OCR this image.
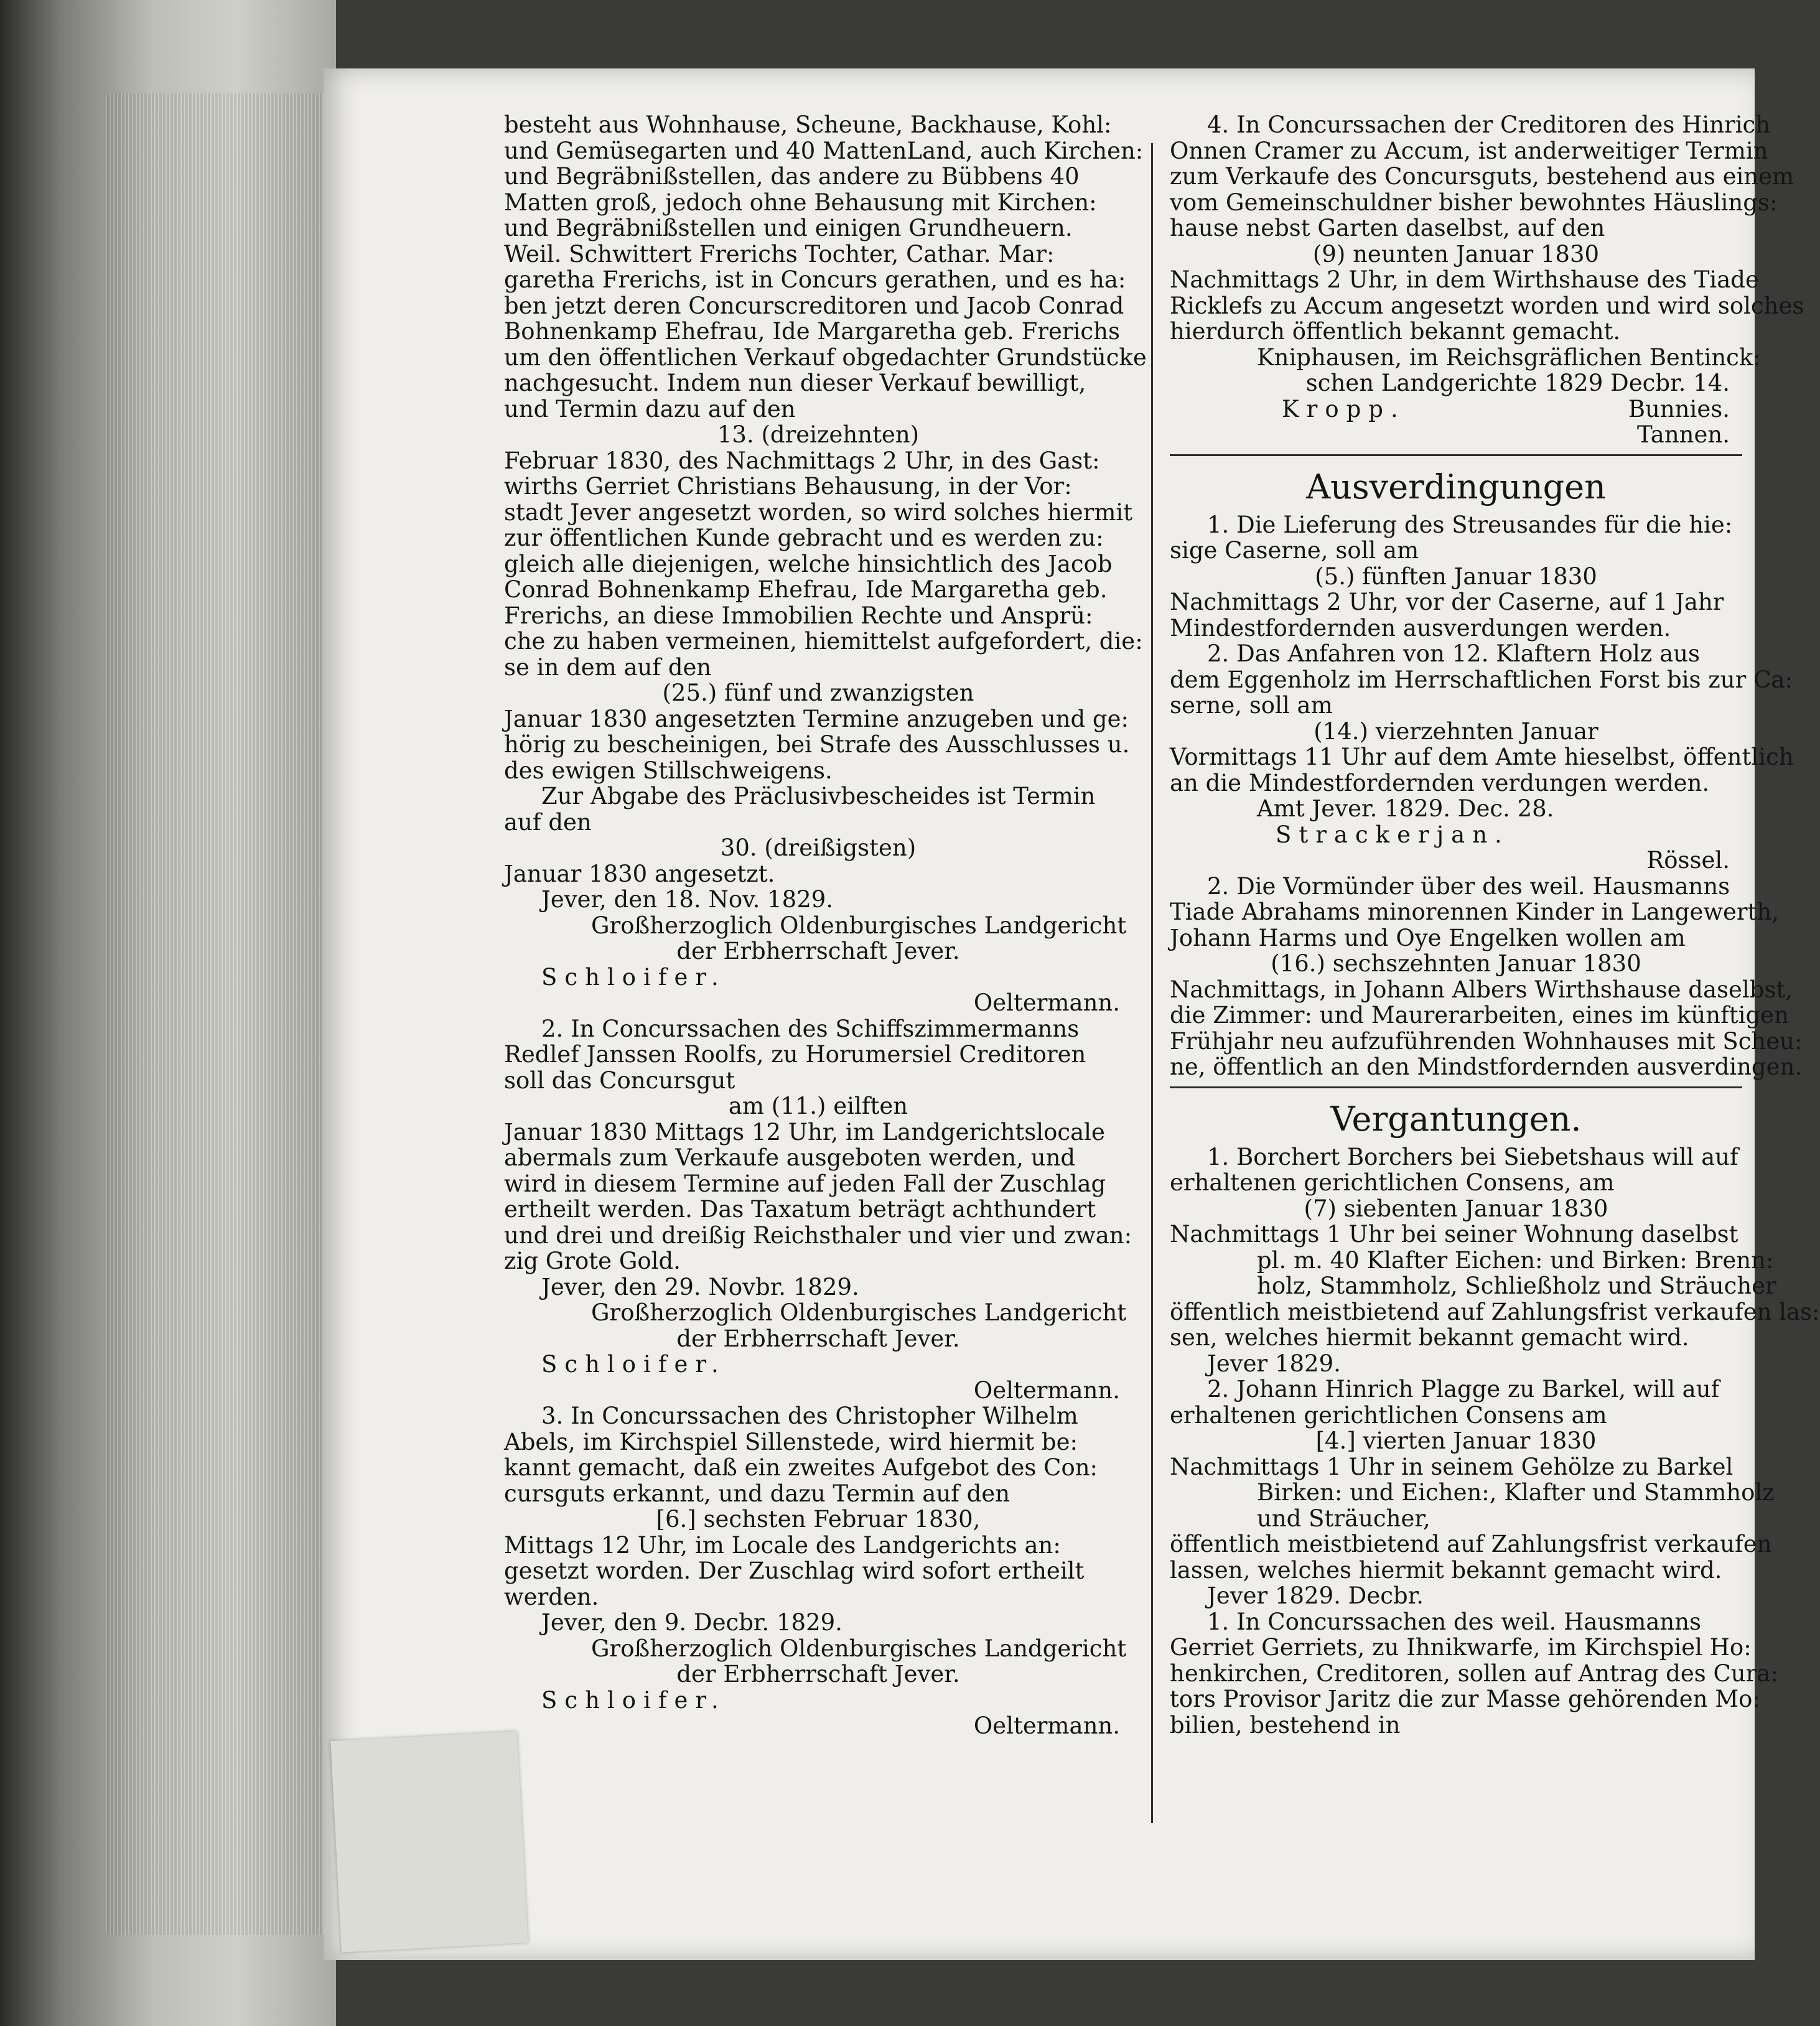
besteht aus Wohnhause, Scheune, Backhause, Kohl:
und Gemüsegarten und 40 MattenLand, auch Kirchen:
und Begräbnißstellen, das andere zu Bübbens 40
Matten groß, jedoch ohne Behausung mit Kirchen:
und Begräbnißstellen und einigen Grundheuern.
Weil. Schwittert Frerichs Tochter, Cathar. Mar:
garetha Frerichs, ist in Concurs gerathen, und es ha:
ben jetzt deren Concurscreditoren und Jacob Conrad
Bohnenkamp Ehefrau, Ide Margaretha geb. Frerichs
um den öffentlichen Verkauf obgedachter Grundstücke
nachgesucht. Indem nun dieser Verkauf bewilligt,
und Termin dazu auf den
13. (dreizehnten)
Februar 1830, des Nachmittags 2 Uhr, in des Gast:
wirths Gerriet Christians Behausung, in der Vor:
stadt Jever angesetzt worden, so wird solches hiermit
zur öffentlichen Kunde gebracht und es werden zu:
gleich alle diejenigen, welche hinsichtlich des Jacob
Conrad Bohnenkamp Ehefrau, Ide Margaretha geb.
Frerichs, an diese Immobilien Rechte und Ansprü:
che zu haben vermeinen, hiemittelst aufgefordert, die:
se in dem auf den
(25.) fünf und zwanzigsten
Januar 1830 angesetzten Termine anzugeben und ge:
hörig zu bescheinigen, bei Strafe des Ausschlusses u.
des ewigen Stillschweigens.
Zur Abgabe des Präclusivbescheides ist Termin
auf den
30. (dreißigsten)
Januar 1830 angesetzt.
Jever, den 18. Nov. 1829.
Großherzoglich Oldenburgisches Landgericht
der Erbherrschaft Jever.
Schloifer.
Oeltermann.
2. In Concurssachen des Schiffszimmermanns
Redlef Janssen Roolfs, zu Horumersiel Creditoren
soll das Concursgut
am (11.) eilften
Januar 1830 Mittags 12 Uhr, im Landgerichtslocale
abermals zum Verkaufe ausgeboten werden, und
wird in diesem Termine auf jeden Fall der Zuschlag
ertheilt werden. Das Taxatum beträgt achthundert
und drei und dreißig Reichsthaler und vier und zwan:
zig Grote Gold.
Jever, den 29. Novbr. 1829.
Großherzoglich Oldenburgisches Landgericht
der Erbherrschaft Jever.
Schloifer.
Oeltermann.
3. In Concurssachen des Christopher Wilhelm
Abels, im Kirchspiel Sillenstede, wird hiermit be:
kannt gemacht, daß ein zweites Aufgebot des Con:
cursguts erkannt, und dazu Termin auf den
[6.] sechsten Februar 1830,
Mittags 12 Uhr, im Locale des Landgerichts an:
gesetzt worden. Der Zuschlag wird sofort ertheilt
werden.
Jever, den 9. Decbr. 1829.
Großherzoglich Oldenburgisches Landgericht
der Erbherrschaft Jever.
Schloifer.
Oeltermann.
4. In Concurssachen der Creditoren des Hinrich
Onnen Cramer zu Accum, ist anderweitiger Termin
zum Verkaufe des Concursguts, bestehend aus einem
vom Gemeinschuldner bisher bewohntes Häuslings:
hause nebst Garten daselbst, auf den
(9) neunten Januar 1830
Nachmittags 2 Uhr, in dem Wirthshause des Tiade
Ricklefs zu Accum angesetzt worden und wird solches
hierdurch öffentlich bekannt gemacht.
Kniphausen, im Reichsgräflichen Bentinck:
schen Landgerichte 1829 Decbr. 14.
Kropp.	Bunnies.
Tannen.
Ausverdingungen
1. Die Lieferung des Streusandes für die hie:
sige Caserne, soll am
(5.) fünften Januar 1830
Nachmittags 2 Uhr, vor der Caserne, auf 1 Jahr
Mindestfordernden ausverdungen werden.
2. Das Anfahren von 12. Klaftern Holz aus
dem Eggenholz im Herrschaftlichen Forst bis zur Ca:
serne, soll am
(14.) vierzehnten Januar
Vormittags 11 Uhr auf dem Amte hieselbst, öffentlich
an die Mindestfordernden verdungen werden.
Amt Jever. 1829. Dec. 28.
Strackerjan.
Rössel.
2. Die Vormünder über des weil. Hausmanns
Tiade Abrahams minorennen Kinder in Langewerth,
Johann Harms und Oye Engelken wollen am
(16.) sechszehnten Januar 1830
Nachmittags, in Johann Albers Wirthshause daselbst,
die Zimmer: und Maurerarbeiten, eines im künftigen
Frühjahr neu aufzuführenden Wohnhauses mit Scheu:
ne, öffentlich an den Mindstfordernden ausverdingen.
Vergantungen.
1. Borchert Borchers bei Siebetshaus will auf
erhaltenen gerichtlichen Consens, am
(7) siebenten Januar 1830
Nachmittags 1 Uhr bei seiner Wohnung daselbst
pl. m. 40 Klafter Eichen: und Birken: Brenn:
holz, Stammholz, Schließholz und Sträucher
öffentlich meistbietend auf Zahlungsfrist verkaufen las:
sen, welches hiermit bekannt gemacht wird.
Jever 1829.
2. Johann Hinrich Plagge zu Barkel, will auf
erhaltenen gerichtlichen Consens am
[4.] vierten Januar 1830
Nachmittags 1 Uhr in seinem Gehölze zu Barkel
Birken: und Eichen:, Klafter und Stammholz
und Sträucher,
öffentlich meistbietend auf Zahlungsfrist verkaufen
lassen, welches hiermit bekannt gemacht wird.
Jever 1829. Decbr.
1. In Concurssachen des weil. Hausmanns
Gerriet Gerriets, zu Ihnikwarfe, im Kirchspiel Ho:
henkirchen, Creditoren, sollen auf Antrag des Cura:
tors Provisor Jaritz die zur Masse gehörenden Mo:
bilien, bestehend in
